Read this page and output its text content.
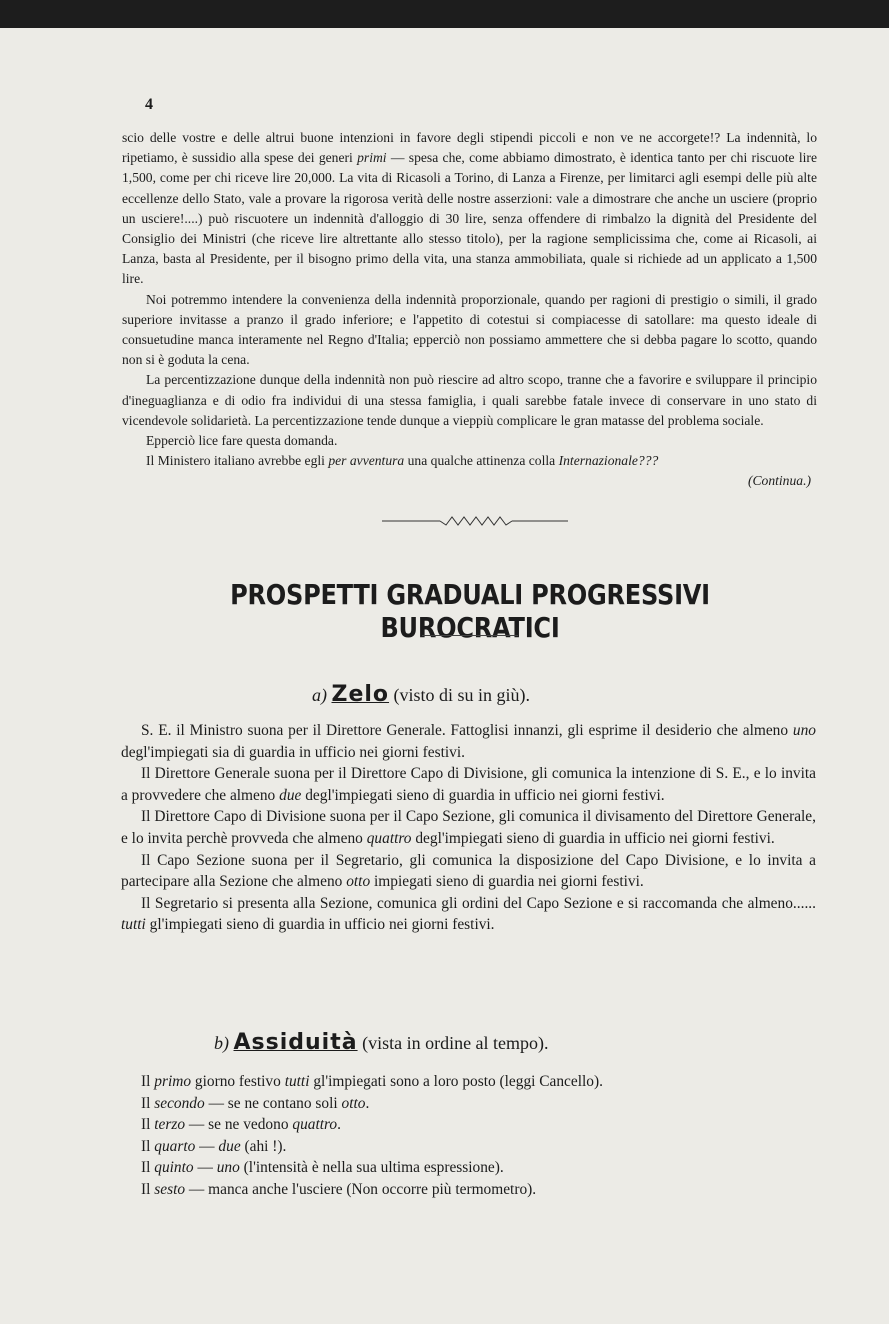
4

scio delle vostre e delle altrui buone intenzioni in favore degli stipendi piccoli e non ve ne accorgete!? La indennità, lo ripetiamo, è sussidio alla spese dei generi primi — spesa che, come abbiamo dimostrato, è identica tanto per chi riscuote lire 1,500, come per chi riceve lire 20,000. La vita di Ricasoli a Torino, di Lanza a Firenze, per limitarci agli esempi delle più alte eccellenze dello Stato, vale a provare la rigorosa verità delle nostre asserzioni: vale a dimostrare che anche un usciere (proprio un usciere!....) può riscuotere un indennità d'alloggio di 30 lire, senza offendere di rimbalzo la dignità del Presidente del Consiglio dei Ministri (che riceve lire altrettante allo stesso titolo), per la ragione semplicissima che, come ai Ricasoli, ai Lanza, basta al Presidente, per il bisogno primo della vita, una stanza ammobiliata, quale si richiede ad un applicato a 1,500 lire.

Noi potremmo intendere la convenienza della indennità proporzionale, quando per ragioni di prestigio o simili, il grado superiore invitasse a pranzo il grado inferiore; e l'appetito di cotestui si compiacesse di satollare: ma questo ideale di consuetudine manca interamente nel Regno d'Italia; epperciò non possiamo ammettere che si debba pagare lo scotto, quando non si è goduta la cena.

La percentizzazione dunque della indennità non può riescire ad altro scopo, tranne che a favorire e sviluppare il principio d'ineguaglianza e di odio fra individui di una stessa famiglia, i quali sarebbe fatale invece di conservare in uno stato di vicendevole solidarietà. La percentizzazione tende dunque a vieppiù complicare le gran matasse del problema sociale.

Epperciò lice fare questa domanda.

Il Ministero italiano avrebbe egli per avventura una qualche attinenza colla Internazionale???

(Continua.)

PROSPETTI GRADUALI PROGRESSIVI BUROCRATICI
a) Zelo (visto di su in giù).

S. E. il Ministro suona per il Direttore Generale. Fattoglisi innanzi, gli esprime il desiderio che almeno uno degl'impiegati sia di guardia in ufficio nei giorni festivi.

Il Direttore Generale suona per il Direttore Capo di Divisione, gli comunica la intenzione di S. E., e lo invita a provvedere che almeno due degl'impiegati sieno di guardia in ufficio nei giorni festivi.

Il Direttore Capo di Divisione suona per il Capo Sezione, gli comunica il divisamento del Direttore Generale, e lo invita perchè provveda che almeno quattro degl'impiegati sieno di guardia in ufficio nei giorni festivi.

Il Capo Sezione suona per il Segretario, gli comunica la disposizione del Capo Divisione, e lo invita a partecipare alla Sezione che almeno otto impiegati sieno di guardia nei giorni festivi.

Il Segretario si presenta alla Sezione, comunica gli ordini del Capo Sezione e si raccomanda che almeno...... tutti gl'impiegati sieno di guardia in ufficio nei giorni festivi.

b) Assiduità (vista in ordine al tempo).

Il primo giorno festivo tutti gl'impiegati sono a loro posto (leggi Cancello).

Il secondo — se ne contano soli otto.

Il terzo — se ne vedono quattro.

Il quarto — due (ahi !).

Il quinto — uno (l'intensità è nella sua ultima espressione).

Il sesto — manca anche l'usciere (Non occorre più termometro).
